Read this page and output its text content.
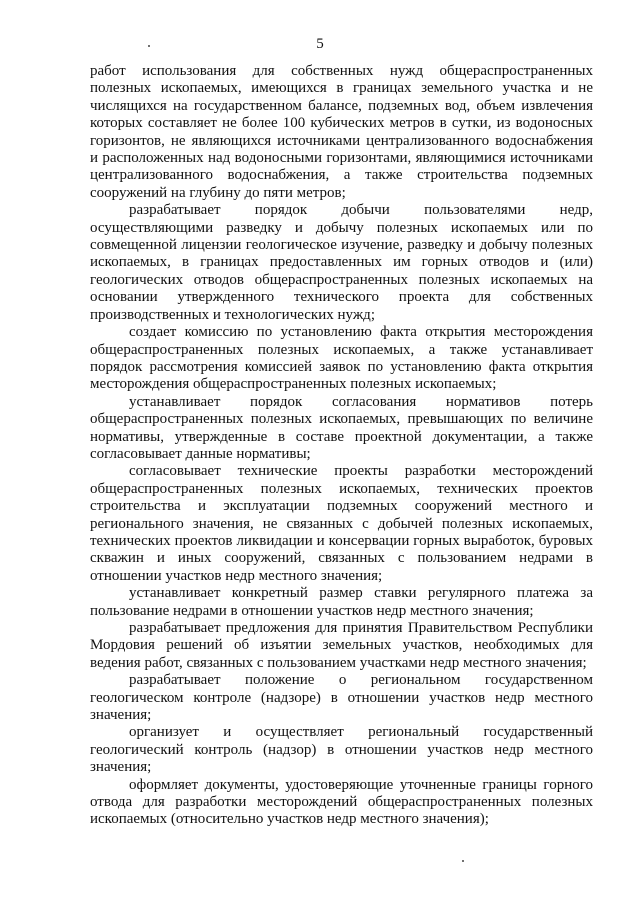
5

работ использования для собственных нужд общераспространенных полезных ископаемых, имеющихся в границах земельного участка и не числящихся на государственном балансе, подземных вод, объем извлечения которых составляет не более 100 кубических метров в сутки, из водоносных горизонтов, не являющихся источниками централизованного водоснабжения и расположенных над водоносными горизонтами, являющимися источниками централизованного водоснабжения, а также строительства подземных сооружений на глубину до пяти метров;

разрабатывает порядок добычи пользователями недр, осуществляющими разведку и добычу полезных ископаемых или по совмещенной лицензии геологическое изучение, разведку и добычу полезных ископаемых, в границах предоставленных им горных отводов и (или) геологических отводов общераспространенных полезных ископаемых на основании утвержденного технического проекта для собственных производственных и технологических нужд;

создает комиссию по установлению факта открытия месторождения общераспространенных полезных ископаемых, а также устанавливает порядок рассмотрения комиссией заявок по установлению факта открытия месторождения общераспространенных полезных ископаемых;

устанавливает порядок согласования нормативов потерь общераспространенных полезных ископаемых, превышающих по величине нормативы, утвержденные в составе проектной документации, а также согласовывает данные нормативы;

согласовывает технические проекты разработки месторождений общераспространенных полезных ископаемых, технических проектов строительства и эксплуатации подземных сооружений местного и регионального значения, не связанных с добычей полезных ископаемых, технических проектов ликвидации и консервации горных выработок, буровых скважин и иных сооружений, связанных с пользованием недрами в отношении участков недр местного значения;

устанавливает конкретный размер ставки регулярного платежа за пользование недрами в отношении участков недр местного значения;

разрабатывает предложения для принятия Правительством Республики Мордовия решений об изъятии земельных участков, необходимых для ведения работ, связанных с пользованием участками недр местного значения;

разрабатывает положение о региональном государственном геологическом контроле (надзоре) в отношении участков недр местного значения;

организует и осуществляет региональный государственный геологический контроль (надзор) в отношении участков недр местного значения;

оформляет документы, удостоверяющие уточненные границы горного отвода для разработки месторождений общераспространенных полезных ископаемых (относительно участков недр местного значения);
